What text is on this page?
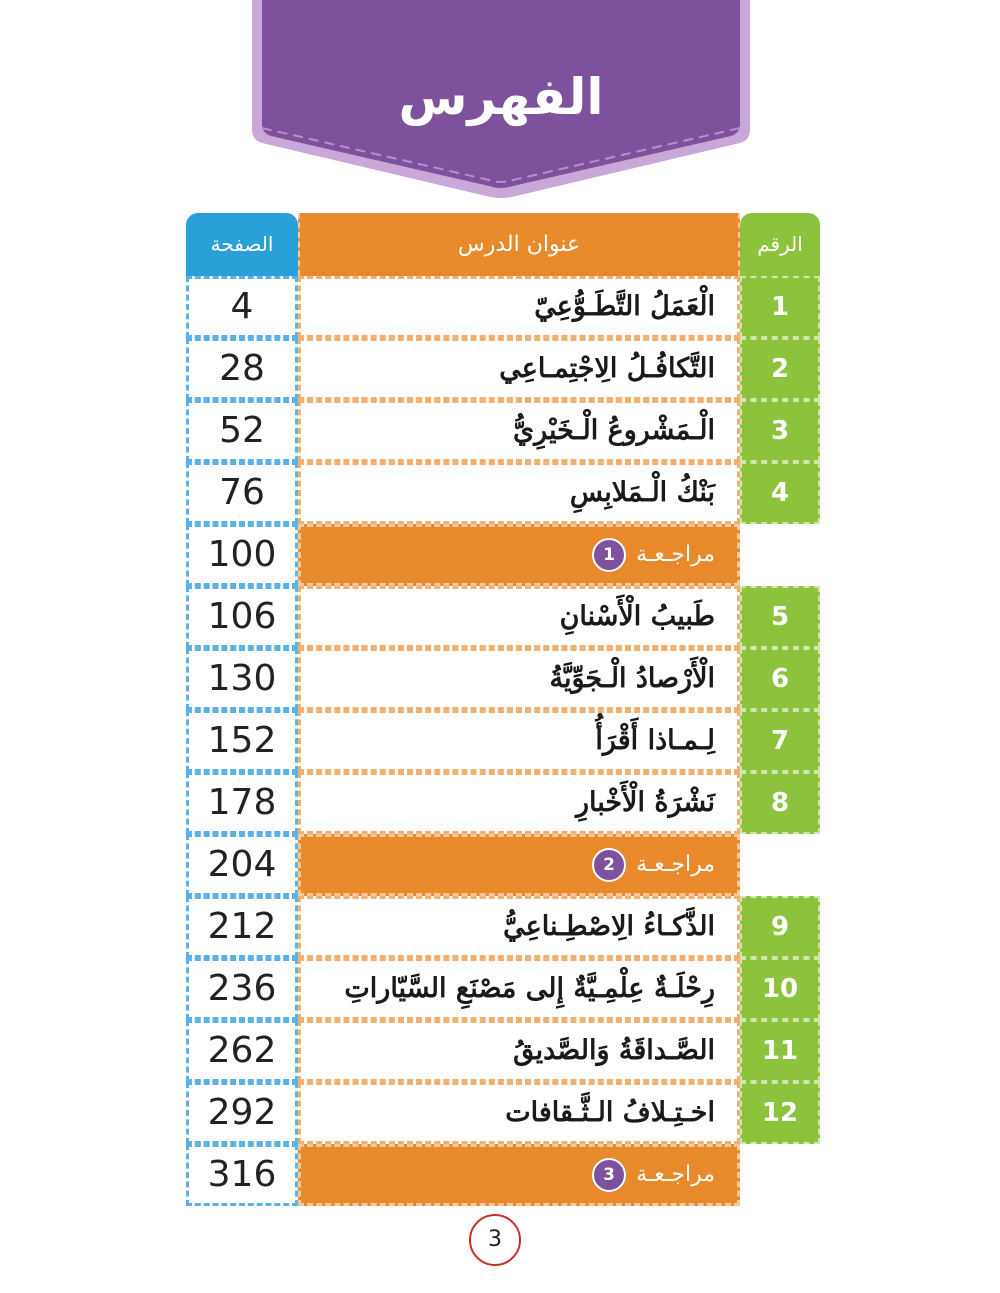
الفهرس
الصفحة	عنوان الدرس	الرقم
4	الْعَمَلُ التَّطَـوُّعِيّ	1
28	التَّكافُـلُ الِاجْتِمـاعِي	2
52	الْـمَشْروعُ الْـخَيْرِيُّ	3
76	بَنْكُ الْـمَلابِسِ	4
100	مراجـعـة1
106	طَبيبُ الْأَسْنانِ	5
130	الْأَرْصادُ الْـجَوِّيَّةُ	6
152	لِـمـاذا أَقْرَأُ	7
178	نَشْرَةُ الْأَخْبارِ	8
204	مراجـعـة2
212	الذَّكـاءُ الِاصْطِـناعِيُّ	9
236	رِحْلَـةٌ عِلْمِـيَّةٌ إِلى مَصْنَعِ السَّيّاراتِ	10
262	الصَّـداقَةُ وَالصَّديقُ	11
292	اخـتِـلافُ الـثَّـقافات	12
316	مراجـعـة3
3
